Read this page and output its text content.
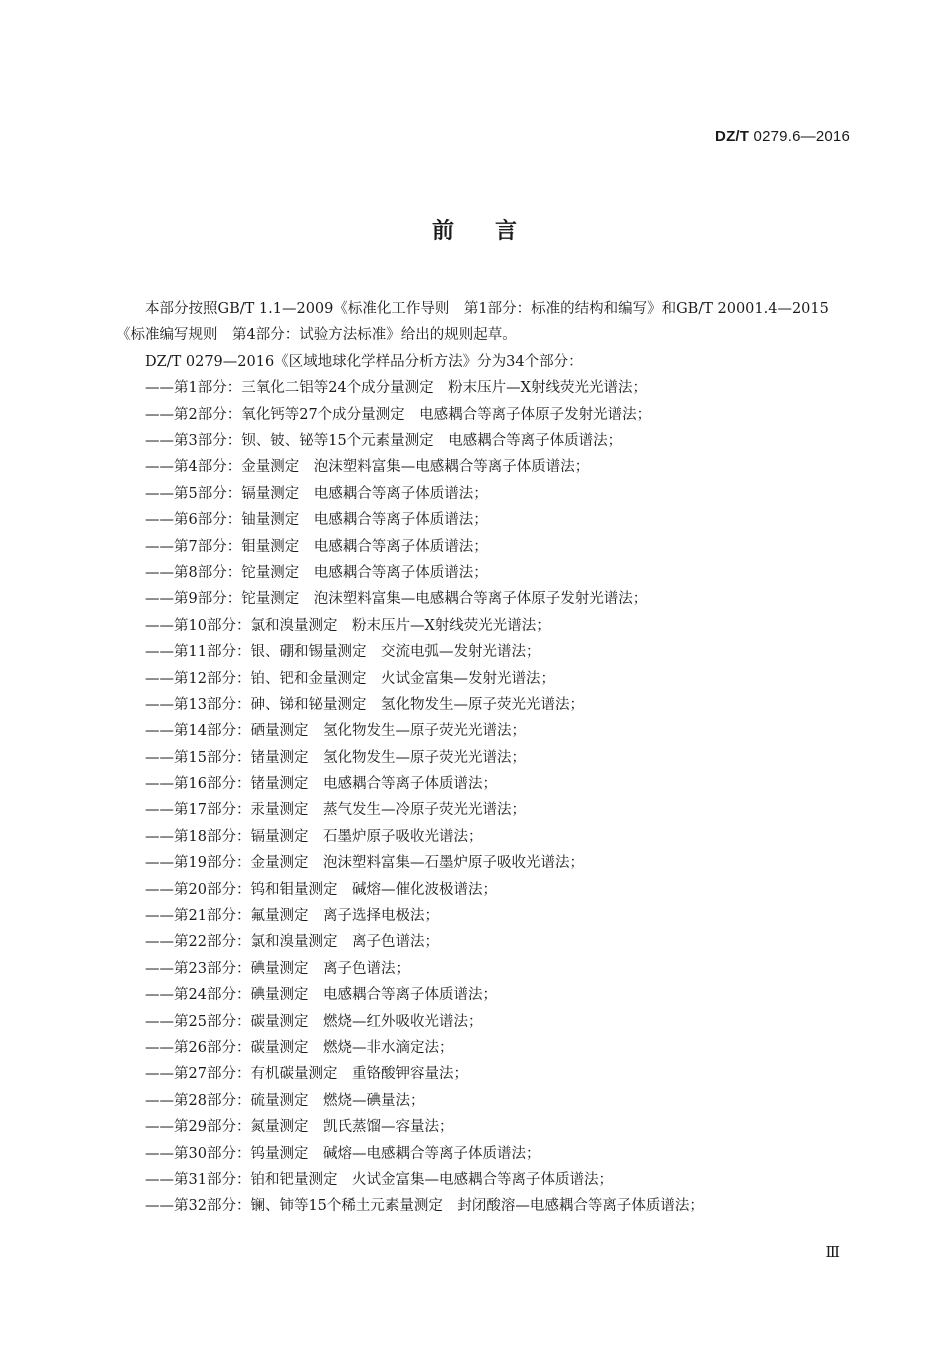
DZ/T 0279.6—2016
前 言

本部分按照GB/T 1.1—2009《标准化工作导则　第1部分：标准的结构和编写》和GB/T 20001.4—2015《标准编写规则　第4部分：试验方法标准》给出的规则起草。

DZ/T 0279—2016《区域地球化学样品分析方法》分为34个部分：

——第1部分：三氧化二铝等24个成分量测定　粉末压片—X射线荧光光谱法；
——第2部分：氧化钙等27个成分量测定　电感耦合等离子体原子发射光谱法；
——第3部分：钡、铍、铋等15个元素量测定　电感耦合等离子体质谱法；
——第4部分：金量测定　泡沫塑料富集—电感耦合等离子体质谱法；
——第5部分：镉量测定　电感耦合等离子体质谱法；
——第6部分：铀量测定　电感耦合等离子体质谱法；
——第7部分：钼量测定　电感耦合等离子体质谱法；
——第8部分：铊量测定　电感耦合等离子体质谱法；
——第9部分：铊量测定　泡沫塑料富集—电感耦合等离子体原子发射光谱法；
——第10部分：氯和溴量测定　粉末压片—X射线荧光光谱法；
——第11部分：银、硼和锡量测定　交流电弧—发射光谱法；
——第12部分：铂、钯和金量测定　火试金富集—发射光谱法；
——第13部分：砷、锑和铋量测定　氢化物发生—原子荧光光谱法；
——第14部分：硒量测定　氢化物发生—原子荧光光谱法；
——第15部分：锗量测定　氢化物发生—原子荧光光谱法；
——第16部分：锗量测定　电感耦合等离子体质谱法；
——第17部分：汞量测定　蒸气发生—冷原子荧光光谱法；
——第18部分：镉量测定　石墨炉原子吸收光谱法；
——第19部分：金量测定　泡沫塑料富集—石墨炉原子吸收光谱法；
——第20部分：钨和钼量测定　碱熔—催化波极谱法；
——第21部分：氟量测定　离子选择电极法；
——第22部分：氯和溴量测定　离子色谱法；
——第23部分：碘量测定　离子色谱法；
——第24部分：碘量测定　电感耦合等离子体质谱法；
——第25部分：碳量测定　燃烧—红外吸收光谱法；
——第26部分：碳量测定　燃烧—非水滴定法；
——第27部分：有机碳量测定　重铬酸钾容量法；
——第28部分：硫量测定　燃烧—碘量法；
——第29部分：氮量测定　凯氏蒸馏—容量法；
——第30部分：钨量测定　碱熔—电感耦合等离子体质谱法；
——第31部分：铂和钯量测定　火试金富集—电感耦合等离子体质谱法；
——第32部分：镧、铈等15个稀土元素量测定　封闭酸溶—电感耦合等离子体质谱法；
Ⅲ
